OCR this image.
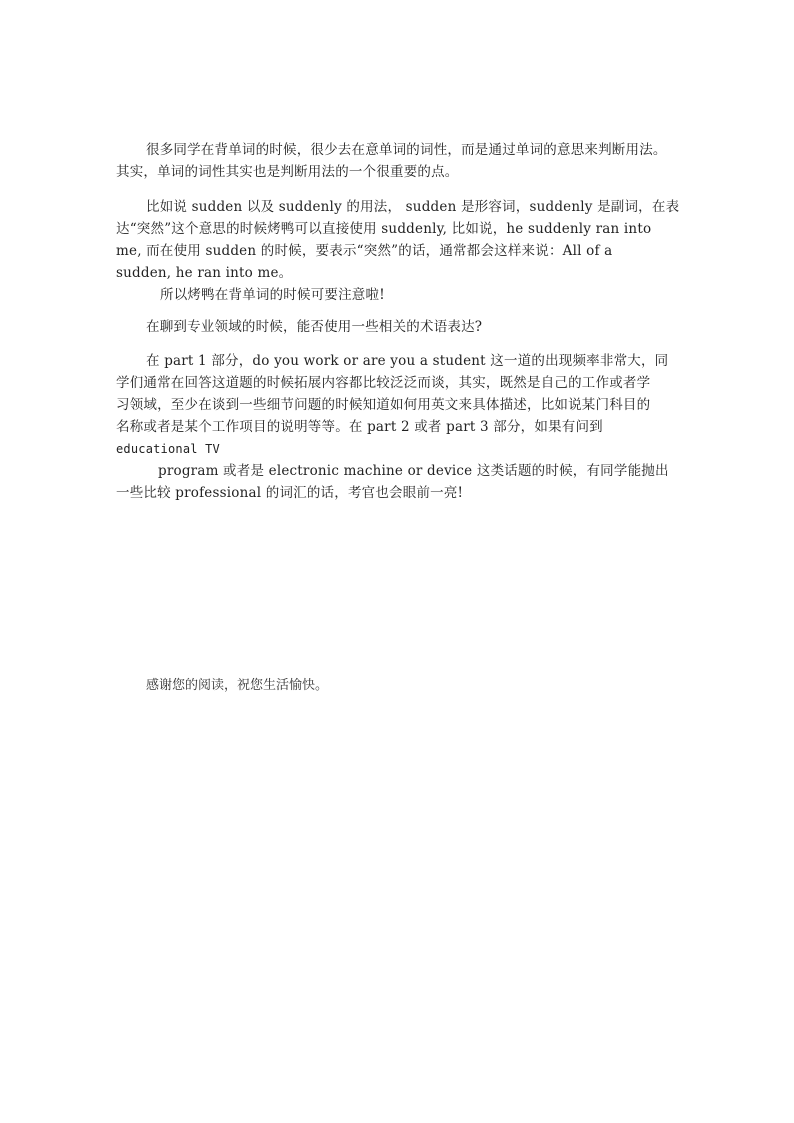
很多同学在背单词的时候，很少去在意单词的词性，而是通过单词的意思来判断用法。
其实，单词的词性其实也是判断用法的一个很重要的点。
比如说 sudden 以及 suddenly 的用法， sudden 是形容词，suddenly 是副词，在表
达“突然”这个意思的时候烤鸭可以直接使用 suddenly, 比如说，he suddenly ran into
me, 而在使用 sudden 的时候，要表示“突然”的话，通常都会这样来说：All of a
sudden, he ran into me。
所以烤鸭在背单词的时候可要注意啦!
在聊到专业领域的时候，能否使用一些相关的术语表达?
在 part 1 部分，do you work or are you a student 这一道的出现频率非常大，同
学们通常在回答这道题的时候拓展内容都比较泛泛而谈，其实，既然是自己的工作或者学
习领域，至少在谈到一些细节问题的时候知道如何用英文来具体描述，比如说某门科目的
名称或者是某个工作项目的说明等等。在 part 2 或者 part 3 部分，如果有问到
educational TV
program 或者是 electronic machine or device 这类话题的时候，有同学能抛出
一些比较 professional 的词汇的话，考官也会眼前一亮!
感谢您的阅读，祝您生活愉快。
